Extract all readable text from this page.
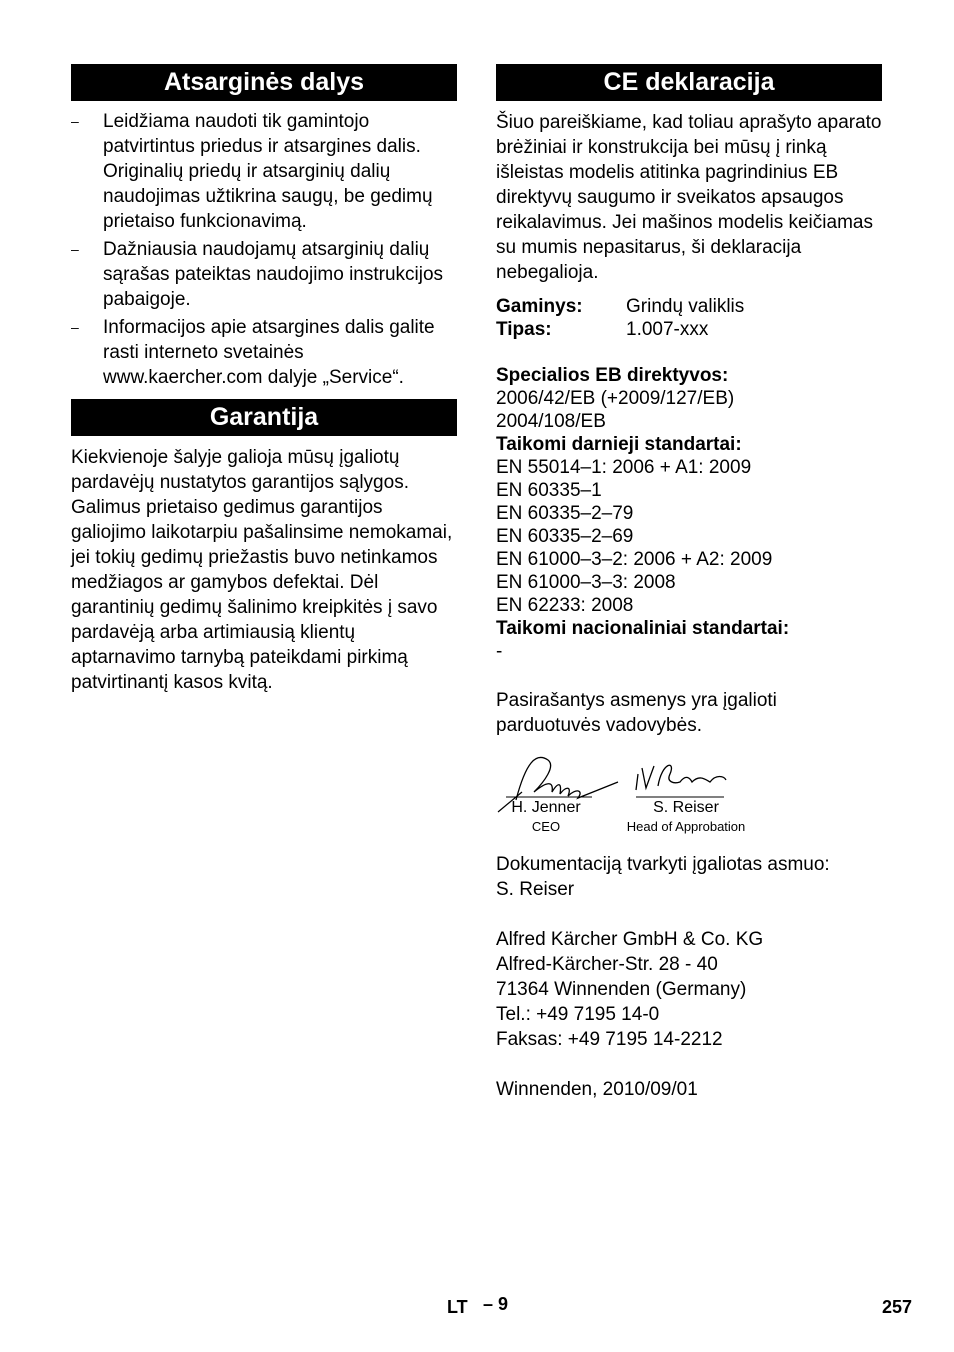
Atsarginės dalys
– Leidžiama naudoti tik gamintojo patvirtintus priedus ir atsargines dalis. Originalių priedų ir atsarginių dalių naudojimas užtikrina saugų, be gedimų prietaiso funkcionavimą.
– Dažniausia naudojamų atsarginių dalių sąrašas pateiktas naudojimo instrukcijos pabaigoje.
– Informacijos apie atsargines dalis galite rasti interneto svetainės www.kaercher.com dalyje „Service“.
Garantija

Kiekvienoje šalyje galioja mūsų įgaliotų pardavėjų nustatytos garantijos sąlygos. Galimus prietaiso gedimus garantijos galiojimo laikotarpiu pašalinsime nemokamai, jei tokių gedimų priežastis buvo netinkamos medžiagos ar gamybos defektai. Dėl garantinių gedimų šalinimo kreipkitės į savo pardavėją arba artimiausią klientų aptarnavimo tarnybą pateikdami pirkimą patvirtinantį kasos kvitą.

CE deklaracija

Šiuo pareiškiame, kad toliau aprašyto aparato brėžiniai ir konstrukcija bei mūsų į rinką išleistas modelis atitinka pagrindinius EB direktyvų saugumo ir sveikatos apsaugos reikalavimus. Jei mašinos modelis keičiamas su mumis nepasitarus, ši deklaracija nebegalioja.

Gaminys:	Grindų valiklis
Tipas:	1.007-xxx
Specialios EB direktyvos:
2006/42/EB (+2009/127/EB)
2004/108/EB
Taikomi darnieji standartai:
EN 55014–1: 2006 + A1: 2009
EN 60335–1
EN 60335–2–79
EN 60335–2–69
EN 61000–3–2: 2006 + A2: 2009
EN 61000–3–3: 2008
EN 62233: 2008
Taikomi nacionaliniai standartai:
-

Pasirašantys asmenys yra įgalioti parduotuvės vadovybės.

H. Jenner
CEO
S. Reiser
Head of Approbation
Dokumentaciją tvarkyti įgaliotas asmuo:
S. Reiser
Alfred Kärcher GmbH & Co. KG
Alfred-Kärcher-Str. 28 - 40
71364 Winnenden (Germany)
Tel.: +49 7195 14-0
Faksas: +49 7195 14-2212
Winnenden, 2010/09/01
LT – 9	257
